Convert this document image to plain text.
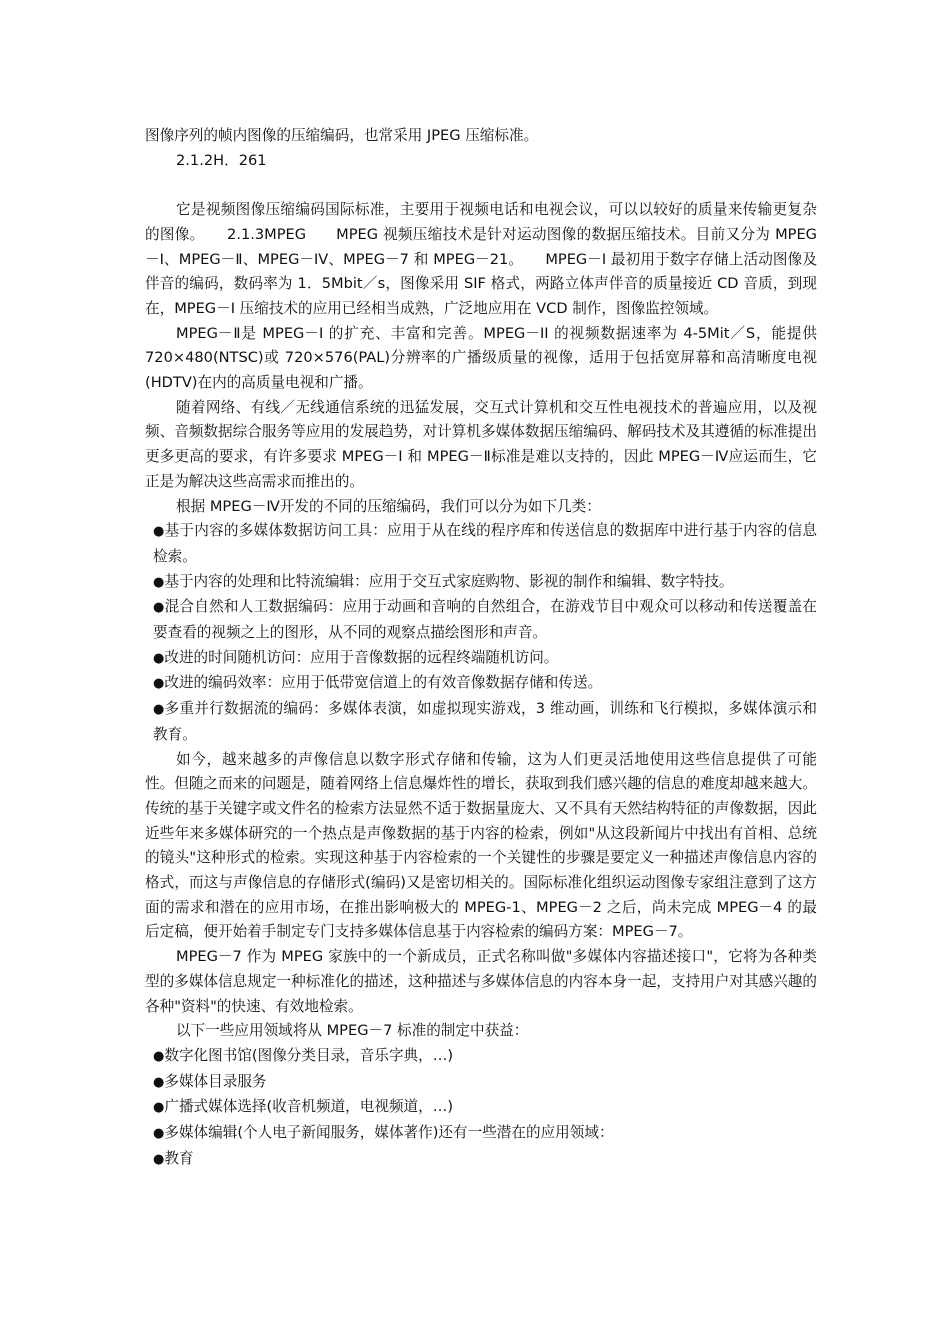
图像序列的帧内图像的压缩编码，也常采用 JPEG 压缩标准。

2.1.2H．261

它是视频图像压缩编码国际标准，主要用于视频电话和电视会议，可以以较好的质量来传输更复杂的图像。　　2.1.3MPEG　　MPEG 视频压缩技术是针对运动图像的数据压缩技术。目前又分为 MPEG－I、MPEG－Ⅱ、MPEG－IV、MPEG－7 和 MPEG－21。　　MPEG－I 最初用于数字存储上活动图像及伴音的编码，数码率为 1．5Mbit／s，图像采用 SIF 格式，两路立体声伴音的质量接近 CD 音质，到现在，MPEG－I 压缩技术的应用已经相当成熟，广泛地应用在 VCD 制作，图像监控领域。

MPEG－Ⅱ是 MPEG－I 的扩充、丰富和完善。MPEG－II 的视频数据速率为 4-5Mit／S，能提供 720×480(NTSC)或 720×576(PAL)分辨率的广播级质量的视像，适用于包括宽屏幕和高清晰度电视(HDTV)在内的高质量电视和广播。

随着网络、有线／无线通信系统的迅猛发展，交互式计算机和交互性电视技术的普遍应用，以及视频、音频数据综合服务等应用的发展趋势，对计算机多媒体数据压缩编码、解码技术及其遵循的标准提出更多更高的要求，有许多要求 MPEG－I 和 MPEG－Ⅱ标准是难以支持的，因此 MPEG－Ⅳ应运而生，它正是为解决这些高需求而推出的。

根据 MPEG－Ⅳ开发的不同的压缩编码，我们可以分为如下几类：

●基于内容的多媒体数据访问工具：应用于从在线的程序库和传送信息的数据库中进行基于内容的信息检索。

●基于内容的处理和比特流编辑：应用于交互式家庭购物、影视的制作和编辑、数字特技。

●混合自然和人工数据编码：应用于动画和音响的自然组合，在游戏节目中观众可以移动和传送覆盖在要查看的视频之上的图形，从不同的观察点描绘图形和声音。

●改进的时间随机访问：应用于音像数据的远程终端随机访问。

●改进的编码效率：应用于低带宽信道上的有效音像数据存储和传送。

●多重并行数据流的编码：多媒体表演，如虚拟现实游戏，3 维动画，训练和飞行模拟，多媒体演示和教育。

如今，越来越多的声像信息以数字形式存储和传输，这为人们更灵活地使用这些信息提供了可能性。但随之而来的问题是，随着网络上信息爆炸性的增长，获取到我们感兴趣的信息的难度却越来越大。传统的基于关键字或文件名的检索方法显然不适于数据量庞大、又不具有天然结构特征的声像数据，因此近些年来多媒体研究的一个热点是声像数据的基于内容的检索，例如"从这段新闻片中找出有首相、总统的镜头"这种形式的检索。实现这种基于内容检索的一个关键性的步骤是要定义一种描述声像信息内容的格式，而这与声像信息的存储形式(编码)又是密切相关的。国际标准化组织运动图像专家组注意到了这方面的需求和潜在的应用市场，在推出影响极大的 MPEG-1、MPEG－2 之后，尚未完成 MPEG－4 的最后定稿，便开始着手制定专门支持多媒体信息基于内容检索的编码方案：MPEG－7。

MPEG－7 作为 MPEG 家族中的一个新成员，正式名称叫做"多媒体内容描述接口"，它将为各种类型的多媒体信息规定一种标准化的描述，这种描述与多媒体信息的内容本身一起，支持用户对其感兴趣的各种"资料"的快速、有效地检索。

以下一些应用领域将从 MPEG－7 标准的制定中获益：

●数字化图书馆(图像分类目录，音乐字典，…)

●多媒体目录服务

●广播式媒体选择(收音机频道，电视频道，…)

●多媒体编辑(个人电子新闻服务，媒体著作)还有一些潜在的应用领域：

●教育
